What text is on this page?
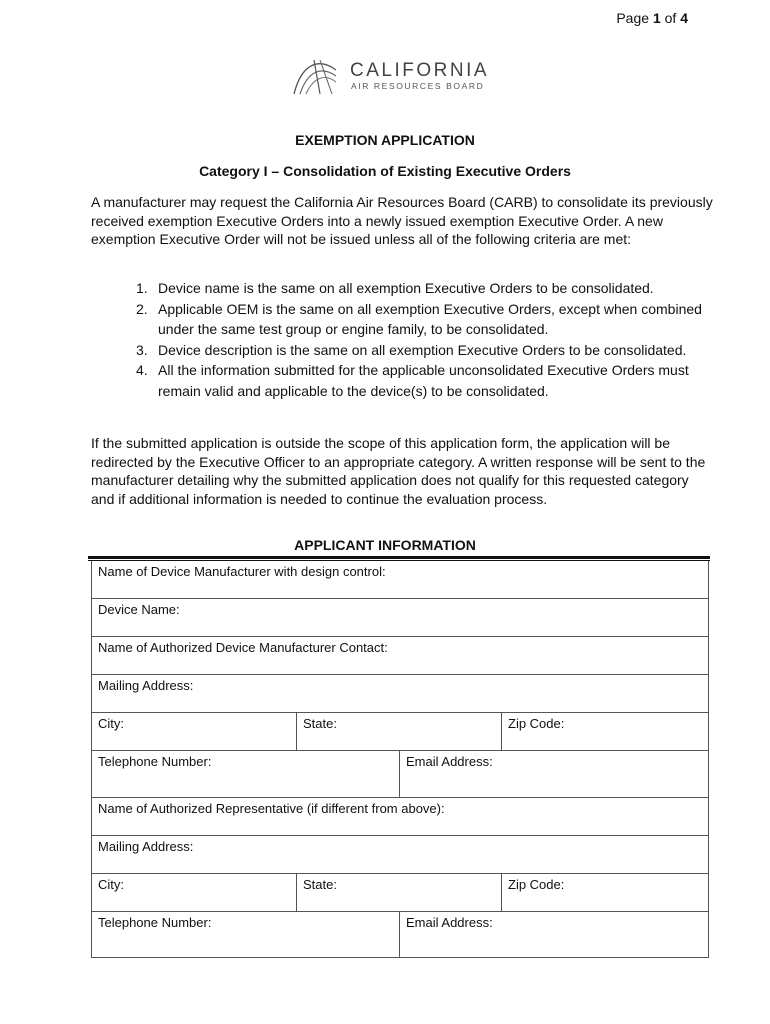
Page 1 of 4
CALIFORNIA
AIR RESOURCES BOARD
EXEMPTION APPLICATION
Category I – Consolidation of Existing Executive Orders

A manufacturer may request the California Air Resources Board (CARB) to consolidate its previously received exemption Executive Orders into a newly issued exemption Executive Order. A new exemption Executive Order will not be issued unless all of the following criteria are met:

1. Device name is the same on all exemption Executive Orders to be consolidated.
2. Applicable OEM is the same on all exemption Executive Orders, except when combined under the same test group or engine family, to be consolidated.
3. Device description is the same on all exemption Executive Orders to be consolidated.
4. All the information submitted for the applicable unconsolidated Executive Orders must remain valid and applicable to the device(s) to be consolidated.

If the submitted application is outside the scope of this application form, the application will be redirected by the Executive Officer to an appropriate category. A written response will be sent to the manufacturer detailing why the submitted application does not qualify for this requested category and if additional information is needed to continue the evaluation process.

APPLICANT INFORMATION
Name of Device Manufacturer with design control:
Device Name:
Name of Authorized Device Manufacturer Contact:
Mailing Address:
City:	State:	Zip Code:
Telephone Number:	Email Address:
Name of Authorized Representative (if different from above):
Mailing Address:
City:	State:	Zip Code:
Telephone Number:	Email Address:
